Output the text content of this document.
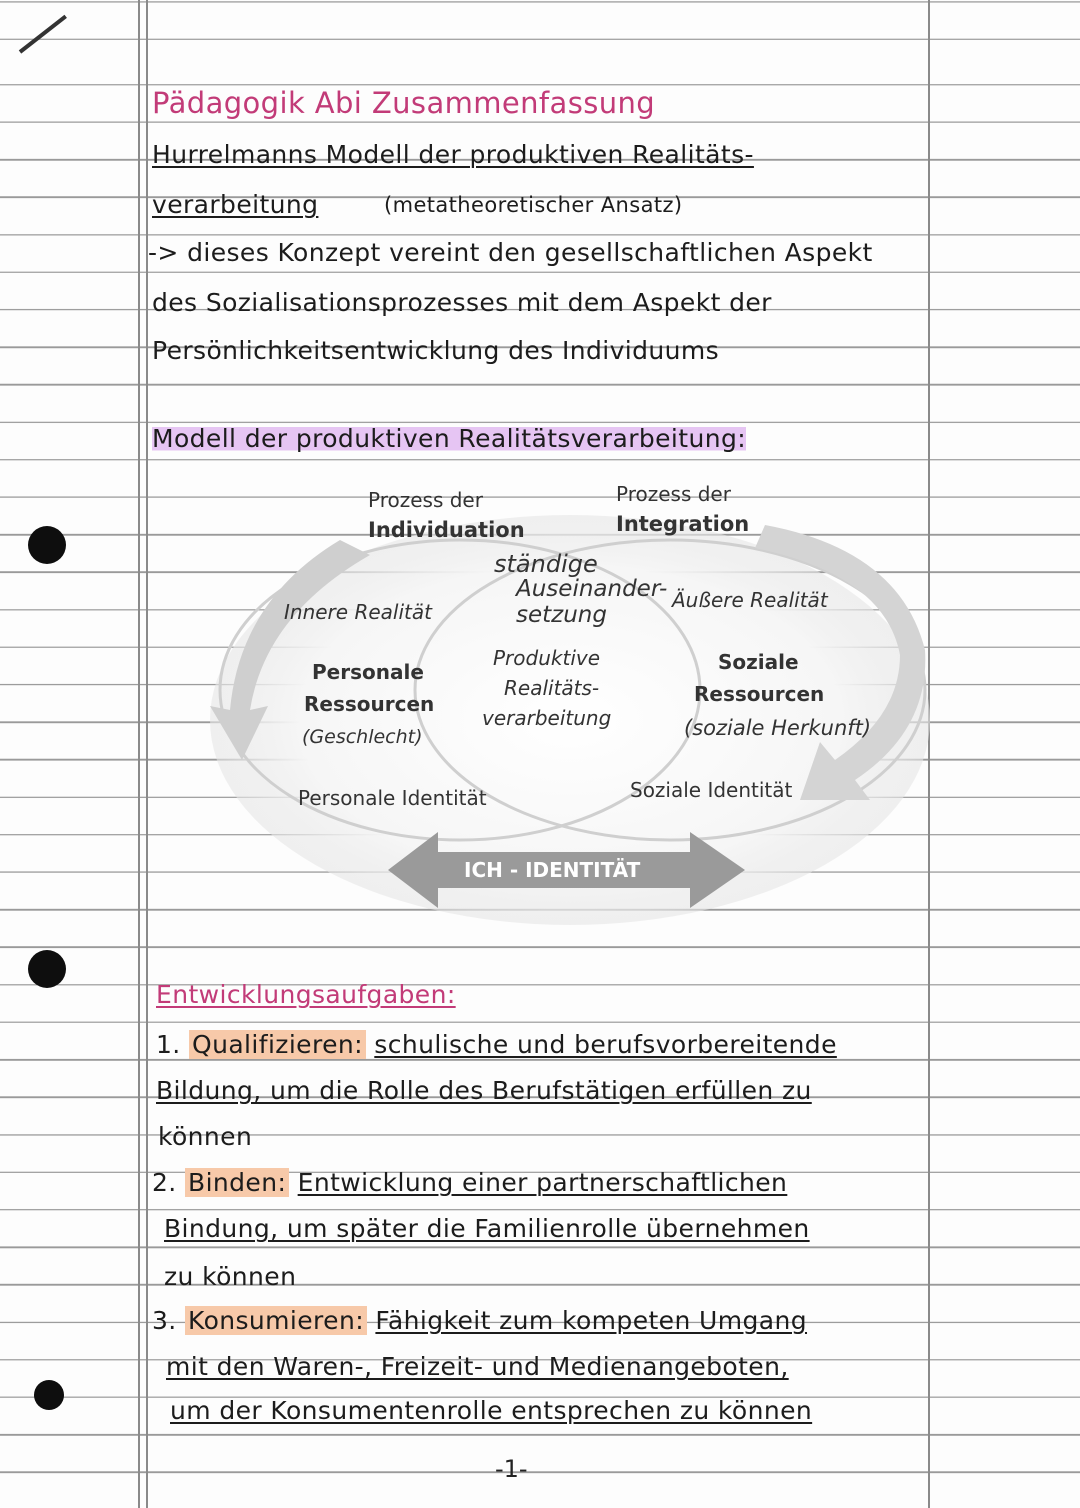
Pädagogik Abi Zusammenfassung
Hurrelmanns Modell der produktiven Realitäts-
verarbeitung	(metatheoretischer Ansatz)
-> dieses Konzept vereint den gesellschaftlichen Aspekt
des Sozialisationsprozesses mit dem Aspekt der
Persönlichkeitsentwicklung des Individuums
Modell der produktiven Realitätsverarbeitung:
Prozess der
Individuation
Prozess der
Integration
ständige
Auseinander-
setzung
Innere Realität	Äußere Realität
Personale
Ressourcen
(Geschlecht)
Produktive
Realitäts-
verarbeitung
Soziale
Ressourcen
(soziale Herkunft)
Personale Identität	Soziale Identität
ICH - IDENTITÄT
Entwicklungsaufgaben:
1. Qualifizieren: schulische und berufsvorbereitende
Bildung, um die Rolle des Berufstätigen erfüllen zu
können
2. Binden: Entwicklung einer partnerschaftlichen
Bindung, um später die Familienrolle übernehmen
zu können
3. Konsumieren: Fähigkeit zum kompeten Umgang
mit den Waren-, Freizeit- und Medienangeboten,
um der Konsumentenrolle entsprechen zu können
-1-
